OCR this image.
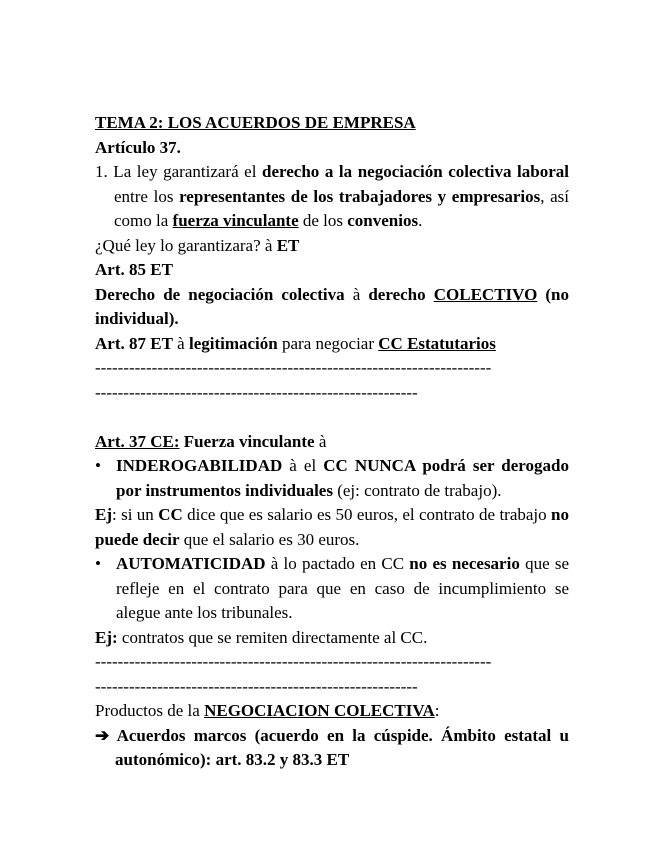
TEMA 2: LOS ACUERDOS DE EMPRESA

Artículo 37.

1. La ley garantizará el derecho a la negociación colectiva laboral entre los representantes de los trabajadores y empresarios, así como la fuerza vinculante de los convenios.

¿Qué ley lo garantizara? à ET

Art. 85 ET

Derecho de negociación colectiva à derecho COLECTIVO (no individual).

Art. 87 ET à legitimación para negociar CC Estatutarios

----------------------------------------------------------------------

---------------------------------------------------------

Art. 37 CE: Fuerza vinculante à

• INDEROGABILIDAD à el CC NUNCA podrá ser derogado por instrumentos individuales (ej: contrato de trabajo).

Ej: si un CC dice que es salario es 50 euros, el contrato de trabajo no puede decir que el salario es 30 euros.

• AUTOMATICIDAD à lo pactado en CC no es necesario que se refleje en el contrato para que en caso de incumplimiento se alegue ante los tribunales.

Ej: contratos que se remiten directamente al CC.

----------------------------------------------------------------------

---------------------------------------------------------

Productos de la NEGOCIACION COLECTIVA:

➔ Acuerdos marcos (acuerdo en la cúspide. Ámbito estatal u autonómico): art. 83.2 y 83.3 ET
